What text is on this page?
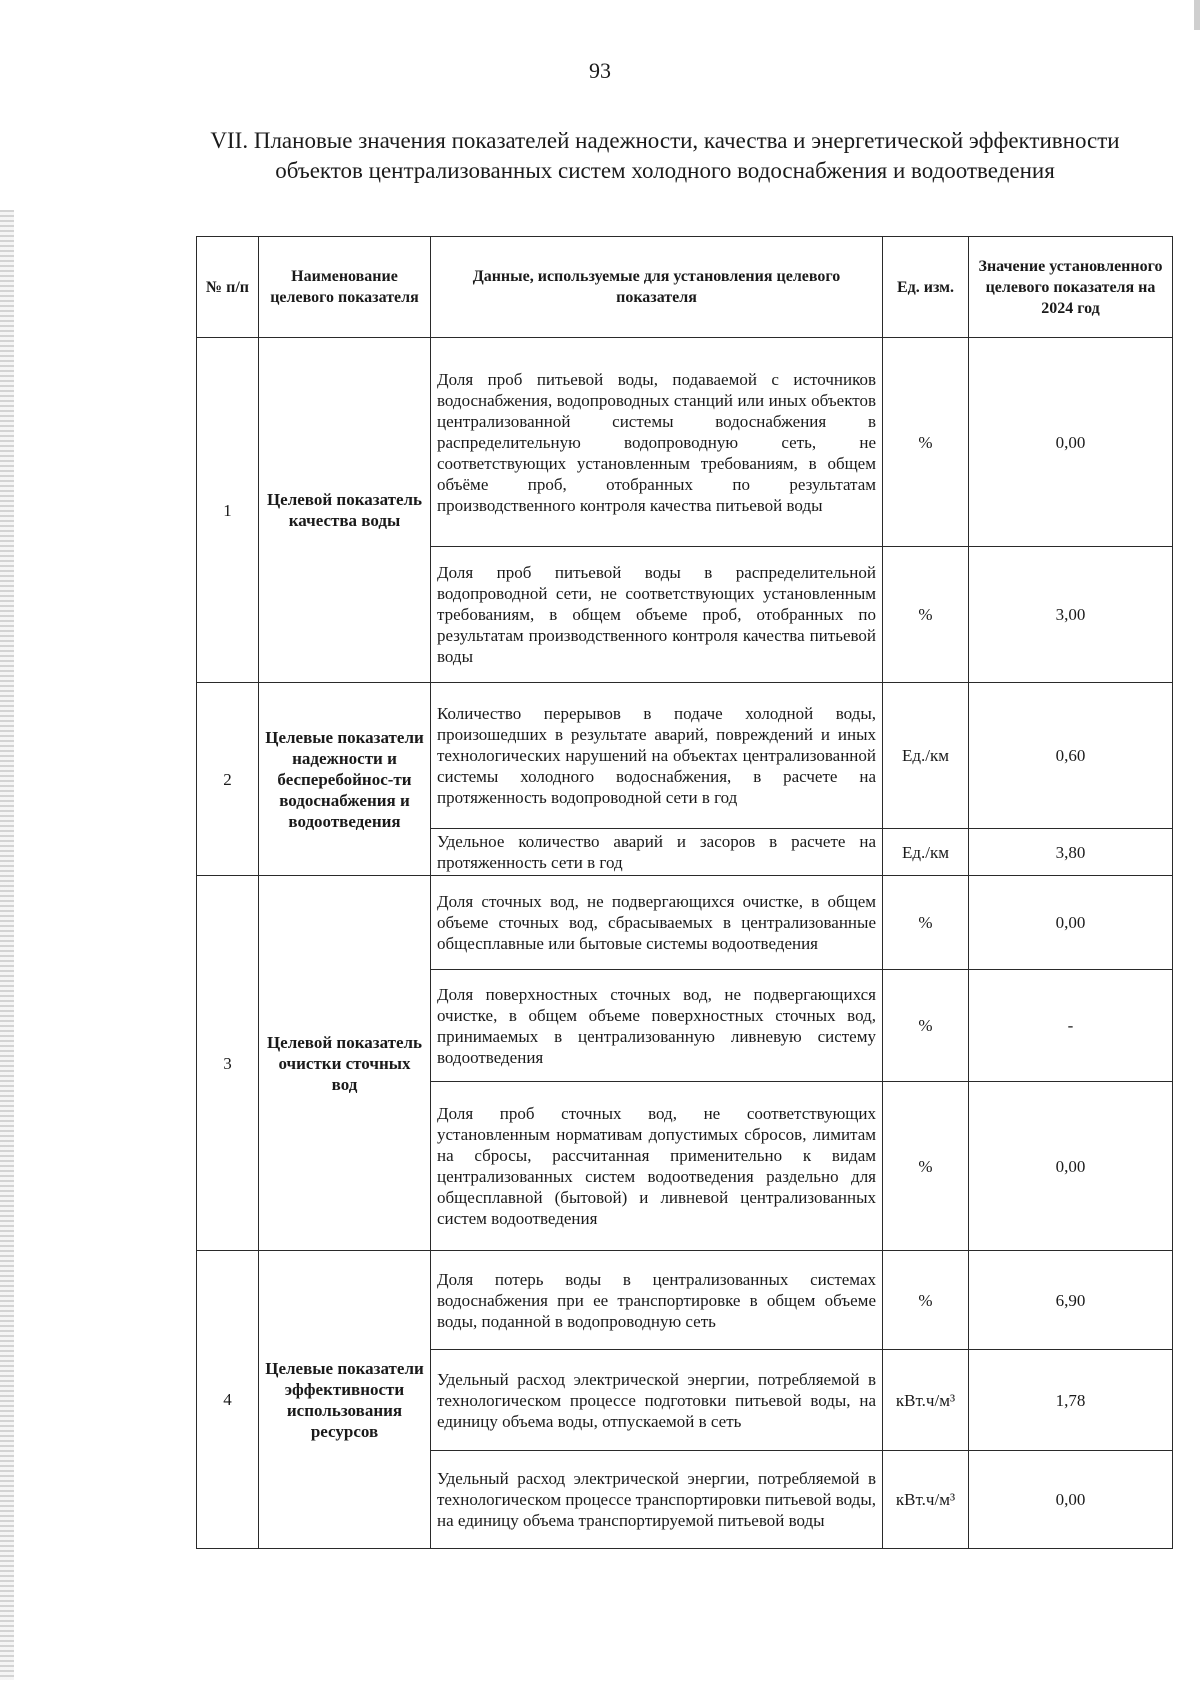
93
VII. Плановые значения показателей надежности, качества и энергетической эффективности объектов централизованных систем холодного водоснабжения и водоотведения
№ п/п	Наименование целевого показателя	Данные, используемые для установления целевого показателя	Ед. изм.	Значение установленного целевого показателя на 2024 год
1	Целевой показатель качества воды	Доля проб питьевой воды, подаваемой с источников водоснабжения, водопроводных станций или иных объектов централизованной системы водоснабжения в распределительную водопроводную сеть, не соответствующих установленным требованиям, в общем объёме проб, отобранных по результатам производственного контроля качества питьевой воды	%	0,00
		Доля проб питьевой воды в распределительной водопроводной сети, не соответствующих установленным требованиям, в общем объеме проб, отобранных по результатам производственного контроля качества питьевой воды	%	3,00
2	Целевые показатели надежности и бесперебойнос-ти водоснабжения и водоотведения	Количество перерывов в подаче холодной воды, произошедших в результате аварий, повреждений и иных технологических нарушений на объектах централизованной системы холодного водоснабжения, в расчете на протяженность водопроводной сети в год	Ед./км	0,60
		Удельное количество аварий и засоров в расчете на протяженность сети в год	Ед./км	3,80
3	Целевой показатель очистки сточных вод	Доля сточных вод, не подвергающихся очистке, в общем объеме сточных вод, сбрасываемых в централизованные общесплавные или бытовые системы водоотведения	%	0,00
		Доля поверхностных сточных вод, не подвергающихся очистке, в общем объеме поверхностных сточных вод, принимаемых в централизованную ливневую систему водоотведения	%	-
		Доля проб сточных вод, не соответствующих установленным нормативам допустимых сбросов, лимитам на сбросы, рассчитанная применительно к видам централизованных систем водоотведения раздельно для общесплавной (бытовой) и ливневой централизованных систем водоотведения	%	0,00
4	Целевые показатели эффективности использования ресурсов	Доля потерь воды в централизованных системах водоснабжения при ее транспортировке в общем объеме воды, поданной в водопроводную сеть	%	6,90
		Удельный расход электрической энергии, потребляемой в технологическом процессе подготовки питьевой воды, на единицу объема воды, отпускаемой в сеть	кВт.ч/м³	1,78
		Удельный расход электрической энергии, потребляемой в технологическом процессе транспортировки питьевой воды, на единицу объема транспортируемой питьевой воды	кВт.ч/м³	0,00
